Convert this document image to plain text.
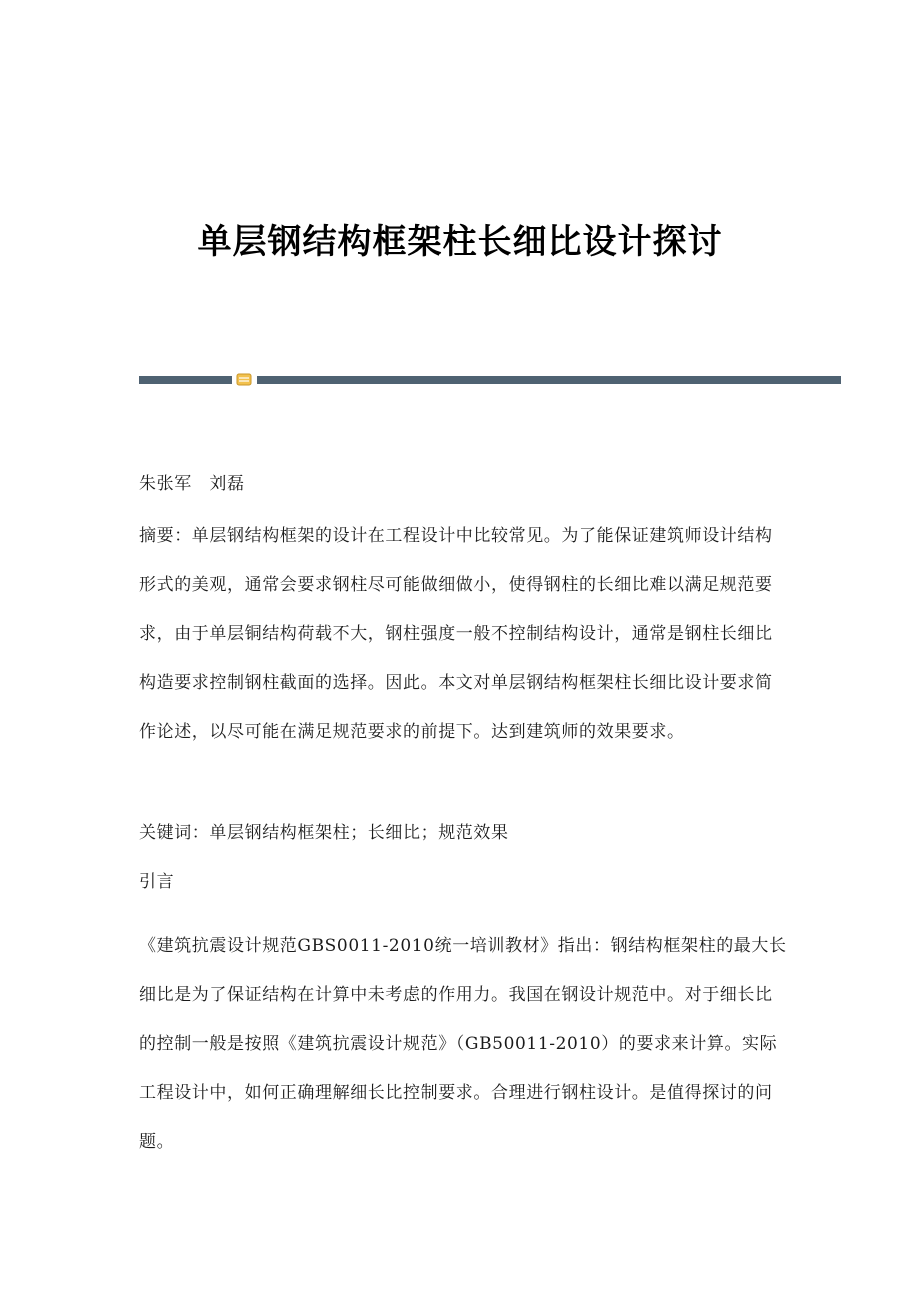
单层钢结构框架柱长细比设计探讨

朱张军　刘磊

摘要：单层钢结构框架的设计在工程设计中比较常见。为了能保证建筑师设计结构形式的美观，通常会要求钢柱尽可能做细做小，使得钢柱的长细比难以满足规范要求，由于单层铜结构荷载不大，钢柱强度一般不控制结构设计，通常是钢柱长细比构造要求控制钢柱截面的选择。因此。本文对单层钢结构框架柱长细比设计要求简作论述，以尽可能在满足规范要求的前提下。达到建筑师的效果要求。

关键词：单层钢结构框架柱；长细比；规范效果

引言

《建筑抗震设计规范GBS0011-2010统一培训教材》指出：钢结构框架柱的最大长细比是为了保证结构在计算中未考虑的作用力。我国在钢设计规范中。对于细长比的控制一般是按照《建筑抗震设计规范》（GB50011-2010）的要求来计算。实际工程设计中，如何正确理解细长比控制要求。合理进行钢柱设计。是值得探讨的问题。
